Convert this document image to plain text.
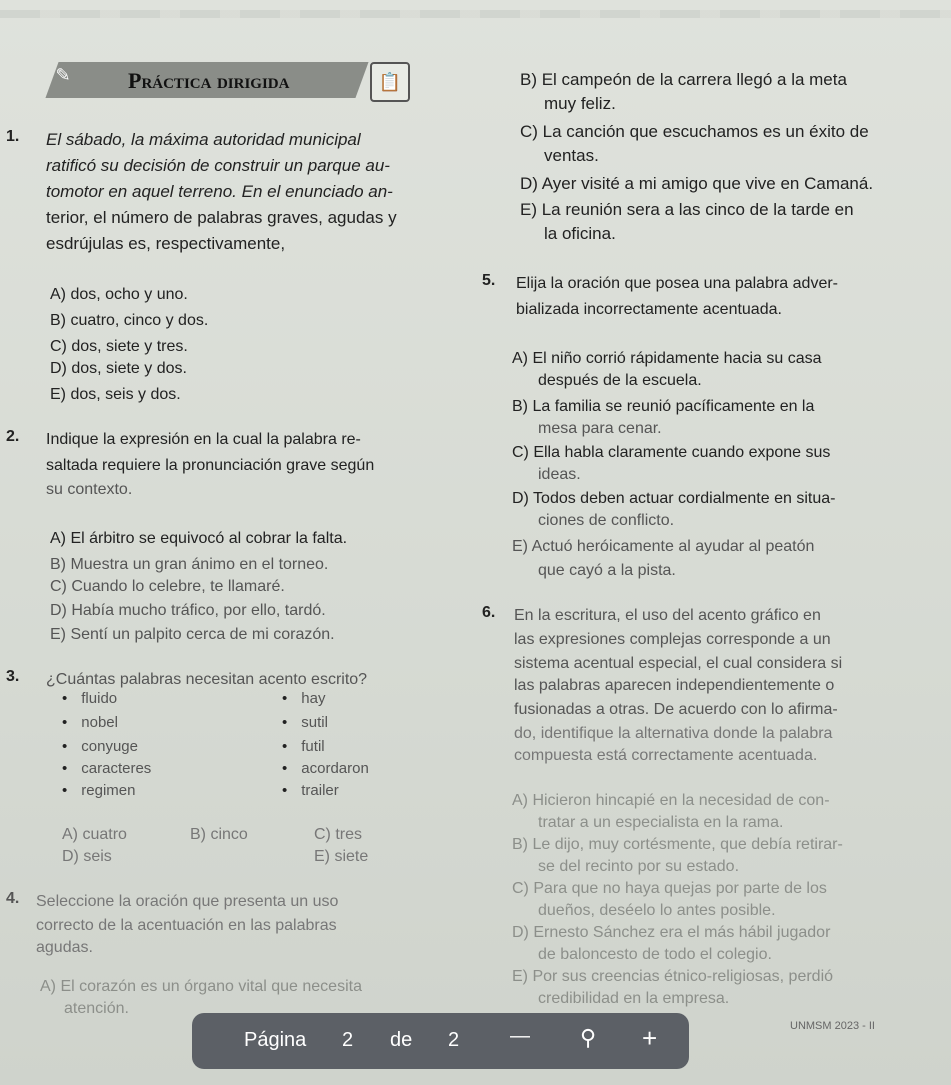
✎	Práctica dirigida	📋
1. El sábado, la máxima autoridad municipal
ratificó su decisión de construir un parque au-
tomotor en aquel terreno. En el enunciado an-
terior, el número de palabras graves, agudas y
esdrújulas es, respectivamente,
A) dos, ocho y uno.
B) cuatro, cinco y dos.
C) dos, siete y tres.
D) dos, siete y dos.
E) dos, seis y dos.
2. Indique la expresión en la cual la palabra re-
saltada requiere la pronunciación grave según
su contexto.
A) El árbitro se equivocó al cobrar la falta.
B) Muestra un gran ánimo en el torneo.
C) Cuando lo celebre, te llamaré.
D) Había mucho tráfico, por ello, tardó.
E) Sentí un palpito cerca de mi corazón.
3. ¿Cuántas palabras necesitan acento escrito?
• fluido
• nobel
• conyuge
• caracteres
• regimen
• hay
• sutil
• futil
• acordaron
• trailer
A) cuatro	B) cinco	C) tres
D) seis	E) siete
4. Seleccione la oración que presenta un uso
correcto de la acentuación en las palabras
agudas.
A) El corazón es un órgano vital que necesita
atención.
B) El campeón de la carrera llegó a la meta
muy feliz.
C) La canción que escuchamos es un éxito de
ventas.
D) Ayer visité a mi amigo que vive en Camaná.
E) La reunión sera a las cinco de la tarde en
la oficina.
5. Elija la oración que posea una palabra adver-
bializada incorrectamente acentuada.
A) El niño corrió rápidamente hacia su casa
después de la escuela.
B) La familia se reunió pacíficamente en la
mesa para cenar.
C) Ella habla claramente cuando expone sus
ideas.
D) Todos deben actuar cordialmente en situa-
ciones de conflicto.
E) Actuó heróicamente al ayudar al peatón
que cayó a la pista.
6. En la escritura, el uso del acento gráfico en
las expresiones complejas corresponde a un
sistema acentual especial, el cual considera si
las palabras aparecen independientemente o
fusionadas a otras. De acuerdo con lo afirma-
do, identifique la alternativa donde la palabra
compuesta está correctamente acentuada.
A) Hicieron hincapié en la necesidad de con-
tratar a un especialista en la rama.
B) Le dijo, muy cortésmente, que debía retirar-
se del recinto por su estado.
C) Para que no haya quejas por parte de los
dueños, deséelo lo antes posible.
D) Ernesto Sánchez era el más hábil jugador
de baloncesto de todo el colegio.
E) Por sus creencias étnico-religiosas, perdió
credibilidad en la empresa.
UNMSM 2023 - II
Página 2 de 2	— ⚲ +
